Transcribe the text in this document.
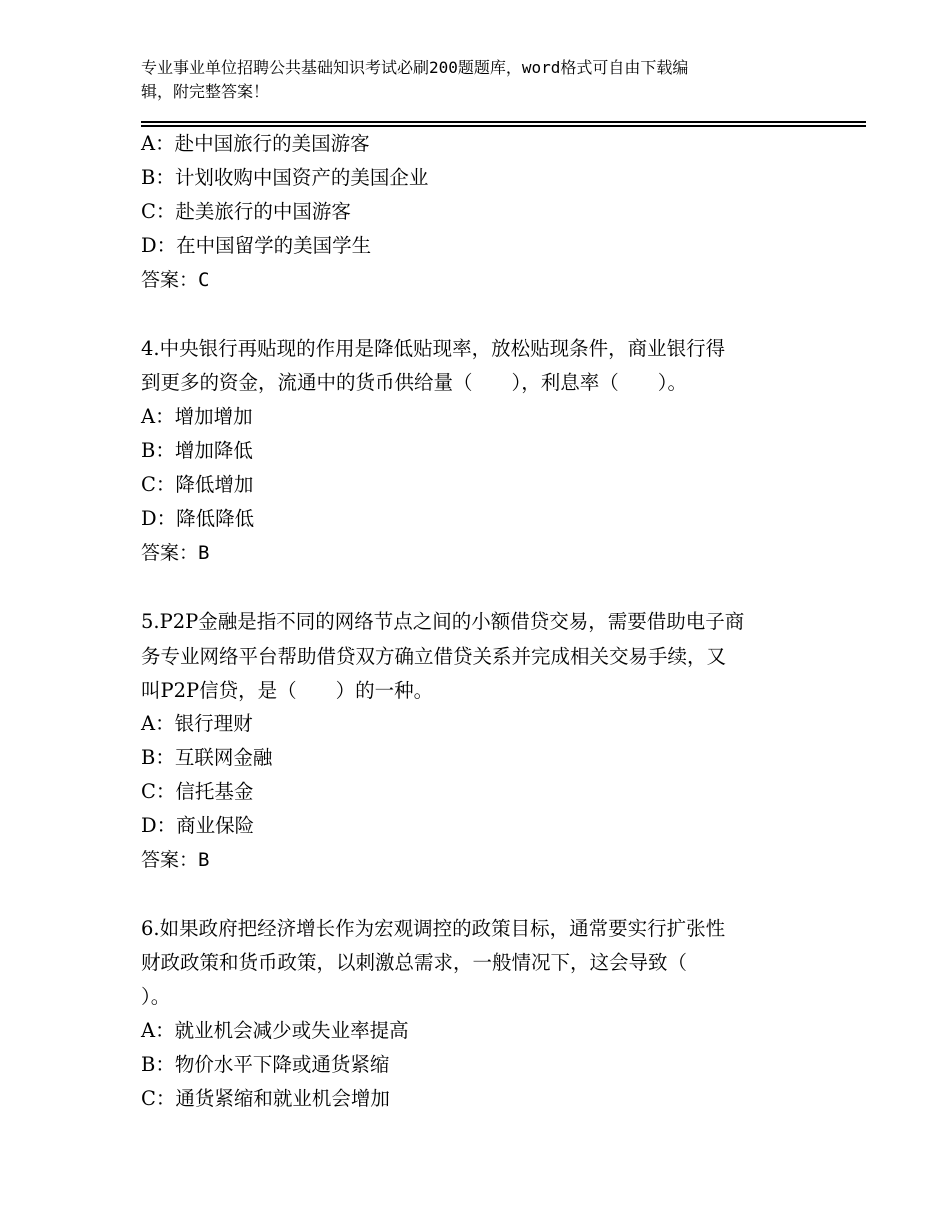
专业事业单位招聘公共基础知识考试必刷200题题库，word格式可自由下载编
辑，附完整答案！
A：赴中国旅行的美国游客
B：计划收购中国资产的美国企业
C：赴美旅行的中国游客
D：在中国留学的美国学生
答案：C
4.中央银行再贴现的作用是降低贴现率，放松贴现条件，商业银行得
到更多的资金，流通中的货币供给量（　　），利息率（　　）。
A：增加增加
B：增加降低
C：降低增加
D：降低降低
答案：B
5.P2P金融是指不同的网络节点之间的小额借贷交易，需要借助电子商
务专业网络平台帮助借贷双方确立借贷关系并完成相关交易手续，又
叫P2P信贷，是（　　）的一种。
A：银行理财
B：互联网金融
C：信托基金
D：商业保险
答案：B
6.如果政府把经济增长作为宏观调控的政策目标，通常要实行扩张性
财政政策和货币政策，以刺激总需求，一般情况下，这会导致（
）。
A：就业机会减少或失业率提高
B：物价水平下降或通货紧缩
C：通货紧缩和就业机会增加
